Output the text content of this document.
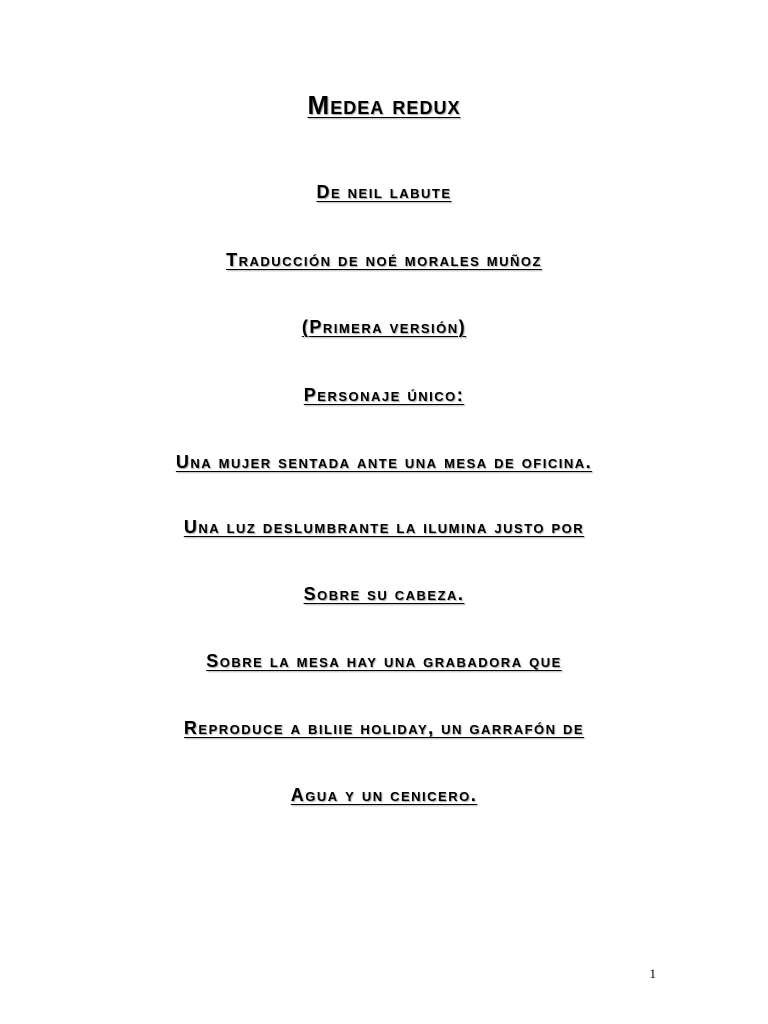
Medea redux
De neil labute
Traducción de noé morales muñoz
(Primera versión)
Personaje único:
Una mujer sentada ante una mesa de oficina.
Una luz deslumbrante la ilumina justo por
Sobre su cabeza.
Sobre la mesa hay una grabadora que
Reproduce a biliie holiday, un garrafón de
Agua y un cenicero.
1
